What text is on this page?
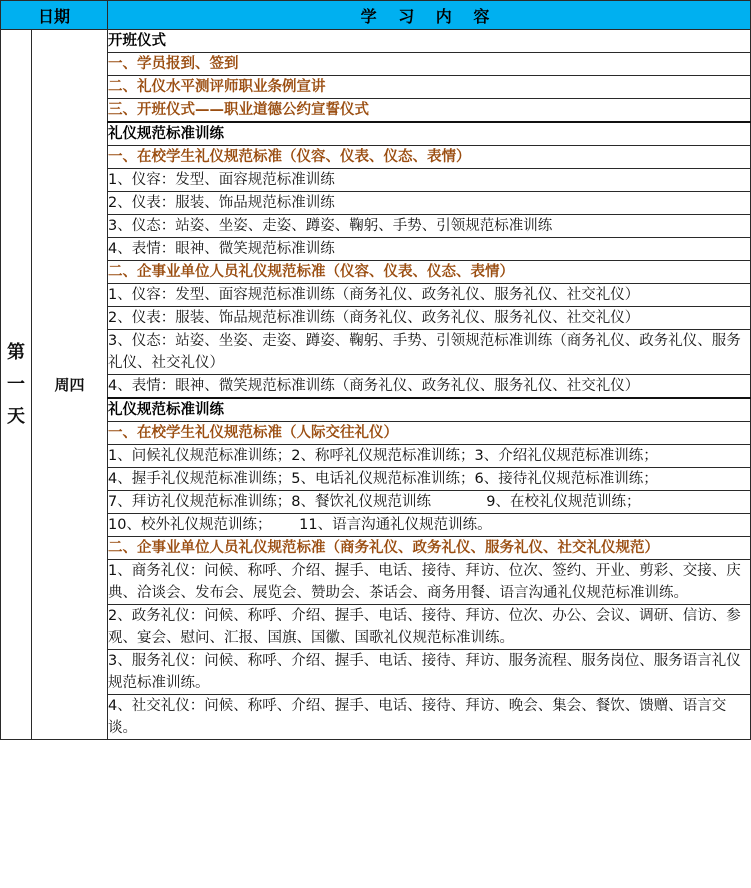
日期		学 习 内 容

第
一
天	周四	开班仪式
		一、学员报到、签到
		二、礼仪水平测评师职业条例宣讲
		三、开班仪式——职业道德公约宣誓仪式
		礼仪规范标准训练
		一、在校学生礼仪规范标准（仪容、仪表、仪态、表情）
		1、仪容：发型、面容规范标准训练
		2、仪表：服装、饰品规范标准训练
		3、仪态：站姿、坐姿、走姿、蹲姿、鞠躬、手势、引领规范标准训练
		4、表情：眼神、微笑规范标准训练
		二、企事业单位人员礼仪规范标准（仪容、仪表、仪态、表情）
		1、仪容：发型、面容规范标准训练（商务礼仪、政务礼仪、服务礼仪、社交礼仪）
		2、仪表：服装、饰品规范标准训练（商务礼仪、政务礼仪、服务礼仪、社交礼仪）
		3、仪态：站姿、坐姿、走姿、蹲姿、鞠躬、手势、引领规范标准训练（商务礼仪、政务礼仪、服务礼仪、社交礼仪）
		4、表情：眼神、微笑规范标准训练（商务礼仪、政务礼仪、服务礼仪、社交礼仪）
		礼仪规范标准训练
		一、在校学生礼仪规范标准（人际交往礼仪）
		1、问候礼仪规范标准训练；2、称呼礼仪规范标准训练；3、介绍礼仪规范标准训练；
		4、握手礼仪规范标准训练；5、电话礼仪规范标准训练；6、接待礼仪规范标准训练；
		7、拜访礼仪规范标准训练；8、餐饮礼仪规范训练            9、在校礼仪规范训练；
		10、校外礼仪规范训练；      11、语言沟通礼仪规范训练。
		二、企事业单位人员礼仪规范标准（商务礼仪、政务礼仪、服务礼仪、社交礼仪规范）
		1、商务礼仪：问候、称呼、介绍、握手、电话、接待、拜访、位次、签约、开业、剪彩、交接、庆典、洽谈会、发布会、展览会、赞助会、茶话会、商务用餐、语言沟通礼仪规范标准训练。
		2、政务礼仪：问候、称呼、介绍、握手、电话、接待、拜访、位次、办公、会议、调研、信访、参观、宴会、慰问、汇报、国旗、国徽、国歌礼仪规范标准训练。
		3、服务礼仪：问候、称呼、介绍、握手、电话、接待、拜访、服务流程、服务岗位、服务语言礼仪规范标准训练。
		4、社交礼仪：问候、称呼、介绍、握手、电话、接待、拜访、晚会、集会、餐饮、馈赠、语言交谈。
